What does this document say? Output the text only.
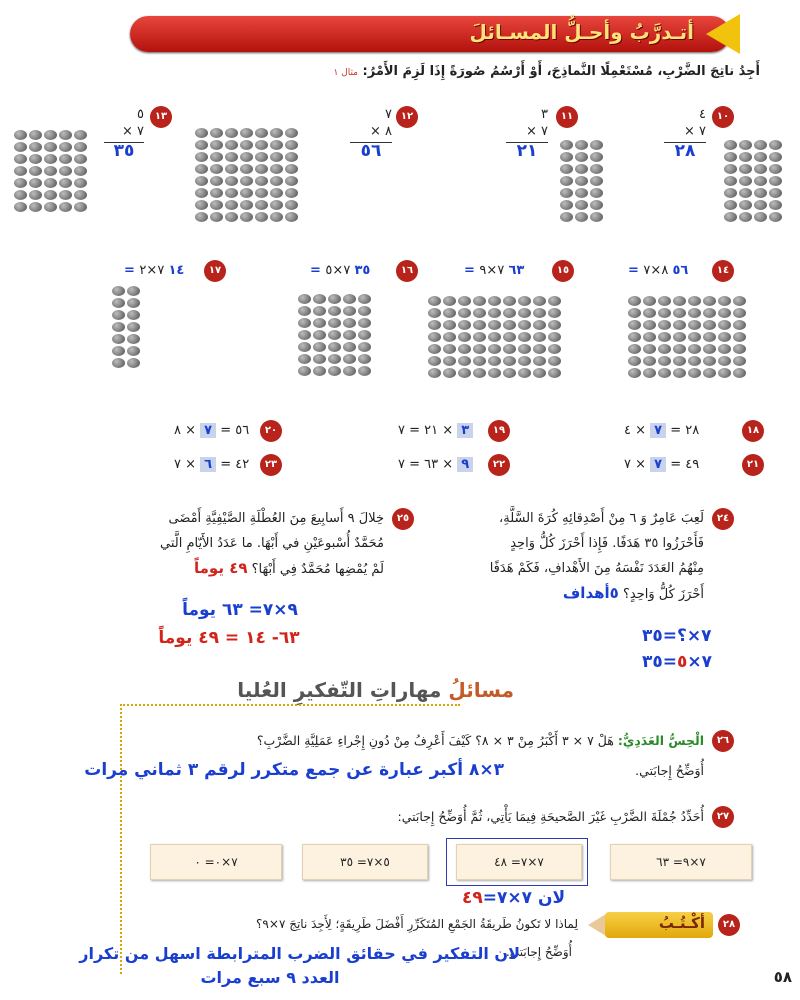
أتـدرَّبُ وأحـلُّ المسـائلَ
أَجِدُ ناتِجَ الضَّرْبِ، مُسْتَعْمِلًا النَّماذِجَ، أَوْ أَرْسُمُ صُورَةً إِذَا لَزِمَ الأَمْرُ: مثال ١
١٠
٤
× ٧
٢٨
١١
٣
× ٧
٢١
١٢
٧
× ٨
٥٦
١٣
٥
× ٧
٣٥
١٤
= ٥٦ ٨×٧
١٥
= ٦٣ ٧×٩
١٦
= ٣٥ ٧×٥
١٧
= ١٤ ٧×٢
١٨
٢٨ = ٧ × ٤
١٩
٢١ = ٧ × ٣
٢٠
٥٦ = ٧ × ٨
٢١
٤٩ = ٧ × ٧
٢٢
٦٣ = ٧ × ٩
٢٣
٤٢ = ٦ × ٧
٢٤
لَعِبَ عَامِرٌ وَ ٦ مِنْ أَصْدِقائِهِ كُرَةَ السَّلَّةِ،
فَأَحْرَزُوا ٣٥ هَدَفًا. فَإِذا أَحْرَزَ كُلُّ وَاحِدٍ
مِنْهُمُ العَدَدَ نَفْسَهُ مِنَ الأَهْدافِ، فَكَمْ هَدَفًا
أَحْرَزَ كُلُّ وَاحِدٍ؟ ٥أهداف
٧×؟=٣٥
٧×٥=٣٥
٢٥
خِلالَ ٩ أَسابِيعَ مِنَ العُطْلَةِ الصَّيْفِيَّةِ أَمْضَى
مُحَمَّدٌ أُسْبوعَيْنِ في أَبْهَا. ما عَدَدُ الأَيّامِ الَّتي
لَمْ يُمْضِها مُحَمَّدٌ فِي أَبْهَا؟ ٤٩ يوماً
٩×٧= ٦٣ يوماً
٦٣- ١٤ = ٤٩ يوماً
مسائلُ مهاراتِ التّفكيرِ العُليا
٢٦
الْحِسُّ العَدَدِيُّ: هَلْ ٧ × ٣ أَكْبَرُ مِنْ ٣ × ٨؟ كَيْفَ أَعْرِفُ مِنْ دُونِ إِجْراءِ عَمَلِيَّةِ الضَّرْبِ؟
أُوَضِّحُ إِجابَتي.
٣×٨ أكبر عبارة عن جمع متكرر لرقم ٣ ثماني مرات
٢٧
أُحَدِّدُ جُمْلَةَ الضَّرْبِ غَيْرَ الصَّحيحَةِ فِيمَا يَأْتِي، ثُمَّ أُوَضِّحُ إِجابَتي:
٧×٩= ٦٣
٧×٧= ٤٨
٥×٧= ٣٥
٧×٠= ٠
لان ٧×٧=٤٩
أكْـتُـبُ	٢٨
لِماذا لا تَكونُ طَريقَةُ الجَمْعِ المُتَكَرِّرِ أَفْضَلَ طَرِيقَةٍ؛ لِأَجِدَ ناتِجَ ٧×٩؟
أُوَضِّحُ إِجابَتي.
لان التفكير في حقائق الضرب المترابطة اسهل من تكرار
العدد ٩ سبع مرات	٥٨
